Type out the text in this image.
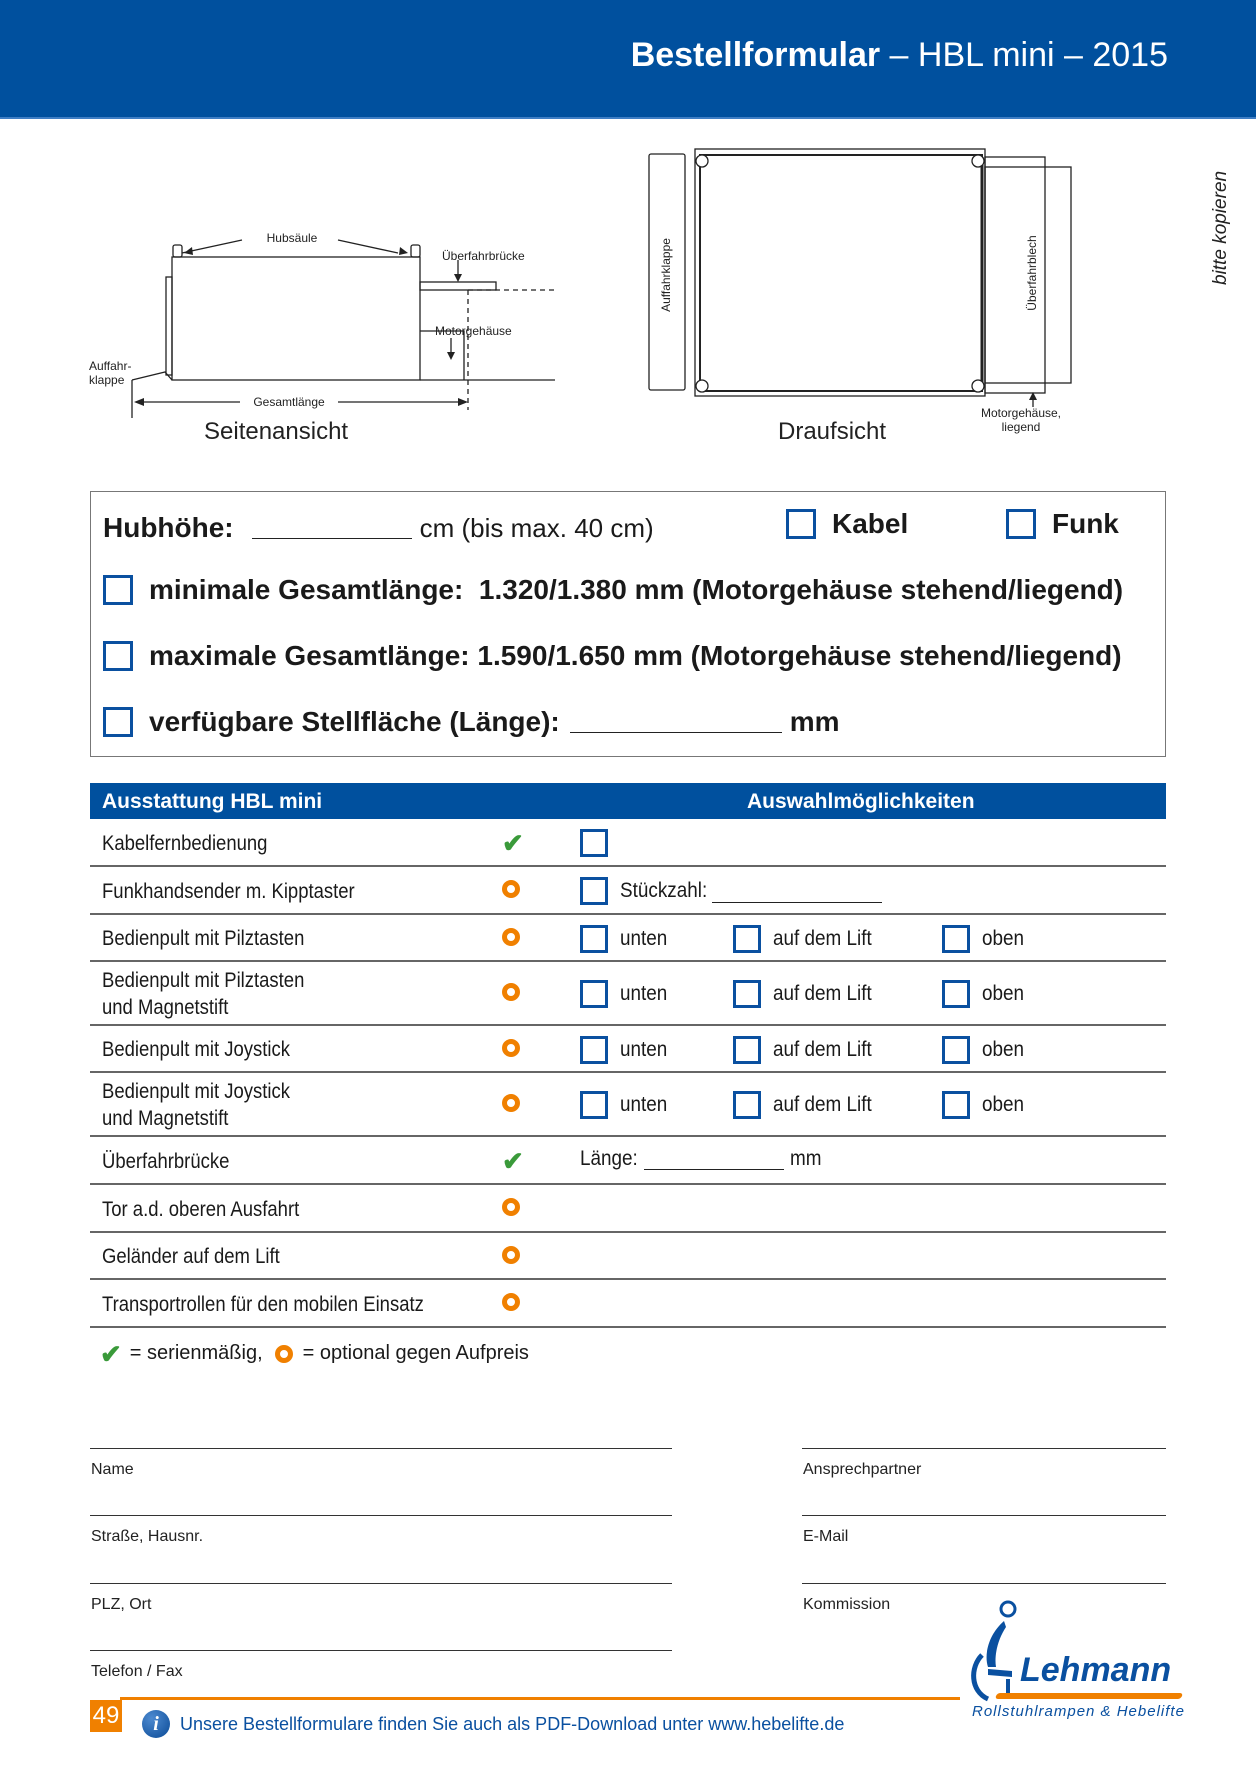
Bestellformular – HBL mini – 2015
bitte kopieren
Hubsäule
Überfahrbrücke
Motorgehäuse
Auffahr-
klappe
Gesamtlänge
Seitenansicht
Auffahrklappe	Überfahrblech
Motorgehäuse,
liegend
Draufsicht
Hubhöhe:	cm (bis max. 40 cm)	Kabel	Funk
minimale Gesamtlänge:
1.320/1.380 mm (Motorgehäuse stehend/liegend)
maximale Gesamtlänge:
1.590/1.650 mm (Motorgehäuse stehend/liegend)
verfügbare Stellfläche (Länge):	mm
Ausstattung HBL mini	Auswahlmöglichkeiten
Kabelfernbedienung	✔
Funkhandsender m. Kipptaster	Stückzahl:
Bedienpult mit Pilztasten	unten	auf dem Lift	oben
Bedienpult mit Pilztasten
und Magnetstift
unten	auf dem Lift	oben
Bedienpult mit Joystick	unten	auf dem Lift	oben
Bedienpult mit Joystick
und Magnetstift
unten	auf dem Lift	oben
Überfahrbrücke	✔	Länge:	mm
Tor a.d. oberen Ausfahrt
Geländer auf dem Lift
Transportrollen für den mobilen Einsatz
✔ = serienmäßig, = optional gegen Aufpreis
Name
Straße, Hausnr.
PLZ, Ort
Telefon / Fax
Ansprechpartner
E-Mail
Kommission
Lehmann
Rollstuhlrampen & Hebelifte
49	i	Unsere Bestellformulare finden Sie auch als PDF-Download unter www.hebelifte.de
